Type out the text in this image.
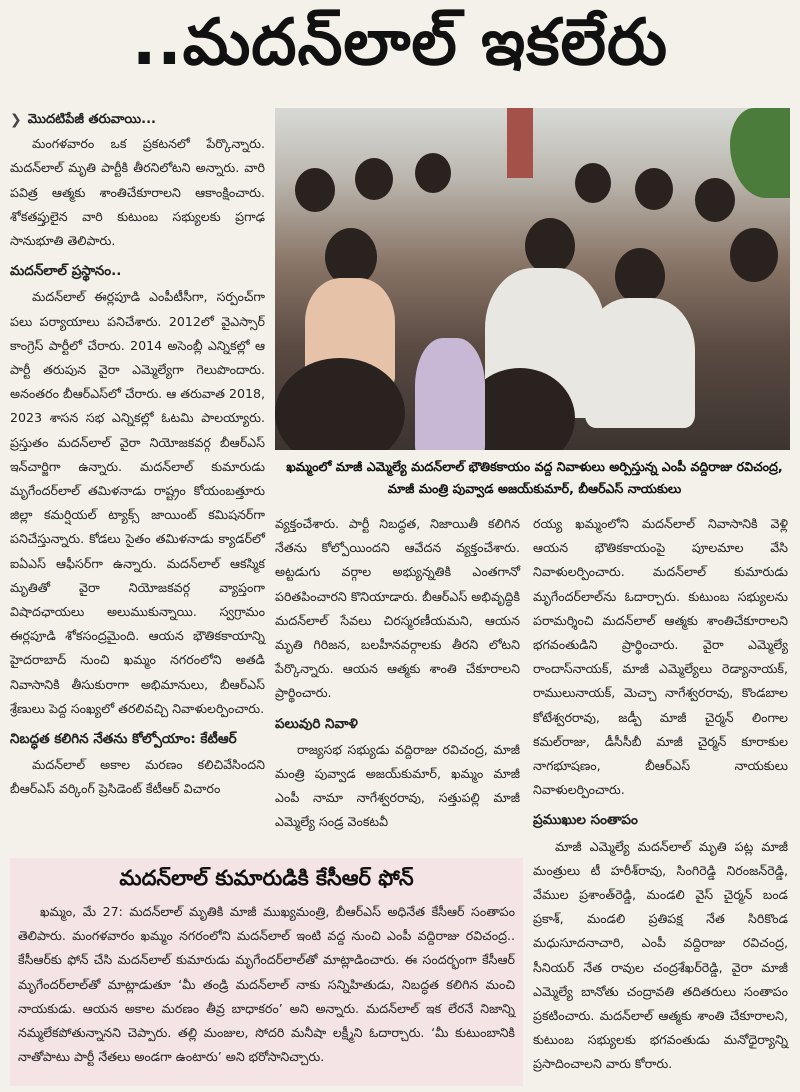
..మదన్‌లాల్ ఇకలేరు
❯ మొదటిపేజీ తరువాయి...

మంగళవారం ఒక ప్రకటనలో పేర్కొన్నారు. మదన్‌లాల్ మృతి పార్టీకి తీరనిలోటని అన్నారు. వారి పవిత్ర ఆత్మకు శాంతిచేకూరాలని ఆకాంక్షించారు. శోకతప్తులైన వారి కుటుంబ సభ్యులకు ప్రగాఢ సానుభూతి తెలిపారు.

మదన్‌లాల్ ప్రస్థానం..

మదన్‌లాల్ ఈర్లపూడి ఎంపీటీసీగా, సర్పంచ్‌గా పలు పర్యాయాలు పనిచేశారు. 2012లో వైఎస్సార్ కాంగ్రెస్ పార్టీలో చేరారు. 2014 అసెంబ్లీ ఎన్నికల్లో ఆ పార్టీ తరుపున వైరా ఎమ్మెల్యేగా గెలుపొందారు. అనంతరం బీఆర్ఎస్‌లో చేరారు. ఆ తరువాత 2018, 2023 శాసన సభ ఎన్నికల్లో ఓటమి పాలయ్యారు. ప్రస్తుతం మదన్‌లాల్ వైరా నియోజకవర్గ బీఆర్ఎస్ ఇన్‌చార్జిగా ఉన్నారు. మదన్‌లాల్ కుమారుడు మృగేందర్‌లాల్ తమిళనాడు రాష్ట్రం కోయంబత్తూరు జిల్లా కమర్షియల్ ట్యాక్స్ జాయింట్ కమిషనర్‌గా పనిచేస్తున్నారు. కోడలు సైతం తమిళనాడు క్యాడర్‌లో ఐఏఎస్ ఆఫీసర్‌గా ఉన్నారు. మదన్‌లాల్ ఆకస్మిక మృతితో వైరా నియోజకవర్గ వ్యాప్తంగా విషాదఛాయలు అలుముకున్నాయి. స్వగ్రామం ఈర్లపూడి శోకసంద్రమైంది. ఆయన భౌతికకాయాన్ని హైదరాబాద్ నుంచి ఖమ్మం నగరంలోని అతడి నివాసానికి తీసుకురాగా అభిమానులు, బీఆర్ఎస్ శ్రేణులు పెద్ద సంఖ్యలో తరలివచ్చి నివాళులర్పించారు.

నిబద్ధత కలిగిన నేతను కోల్పోయాం: కేటీఆర్

మదన్‌లాల్ అకాల మరణం కలిచివేసిందని బీఆర్ఎస్ వర్కింగ్ ప్రెసిడెంట్ కేటీఆర్ విచారం

ఖమ్మంలో మాజీ ఎమ్మెల్యే మదన్‌లాల్ భౌతికకాయం వద్ద నివాళులు అర్పిస్తున్న ఎంపీ వద్దిరాజు రవిచంద్ర, మాజీ మంత్రి పువ్వాడ అజయ్‌కుమార్, బీఆర్ఎస్ నాయకులు

వ్యక్తంచేశారు. పార్టీ నిబద్ధత, నిజాయితీ కలిగిన నేతను కోల్పోయిందని ఆవేదన వ్యక్తంచేశారు. అట్టడుగు వర్గాల అభ్యున్నతికి ఎంతగానో పరితపించారని కొనియాడారు. బీఆర్ఎస్ అభివృద్ధికి మదన్‌లాల్ సేవలు చిరస్మరణీయమని, ఆయన మృతి గిరిజన, బలహీనవర్గాలకు తీరని లోటని పేర్కొన్నారు. ఆయన ఆత్మకు శాంతి చేకూరాలని ప్రార్థించారు.

పలువురి నివాళి

రాజ్యసభ సభ్యుడు వద్దిరాజు రవిచంద్ర, మాజీ మంత్రి పువ్వాడ అజయ్‌కుమార్, ఖమ్మం మాజీ ఎంపీ నామా నాగేశ్వరరావు, సత్తుపల్లి మాజీ ఎమ్మెల్యే సండ్ర వెంకటవీ

రయ్య ఖమ్మంలోని మదన్‌లాల్ నివాసానికి వెళ్లి ఆయన భౌతికకాయంపై పూలమాల వేసి నివాళులర్పించారు. మదన్‌లాల్ కుమారుడు మృగేందర్‌లాల్‌ను ఓదార్చారు. కుటుంబ సభ్యులను పరామర్శించి మదన్‌లాల్ ఆత్మకు శాంతిచేకూరాలని భగవంతుడిని ప్రార్థించారు. వైరా ఎమ్మెల్యే రాందాస్‌నాయక్, మాజీ ఎమ్మెల్యేలు రెడ్యానాయక్, రాములునాయక్, మెచ్చా నాగేశ్వరరావు, కొండబాల కోటేశ్వరరావు, జడ్పీ మాజీ చైర్మన్ లింగాల కమల్‌రాజు, డీసీసీబీ మాజీ చైర్మన్ కూరాకుల నాగభూషణం, బీఆర్ఎస్ నాయకులు నివాళులర్పించారు.

ప్రముఖుల సంతాపం

మాజీ ఎమ్మెల్యే మదన్‌లాల్ మృతి పట్ల మాజీ మంత్రులు టీ హరీశ్‌రావు, సింగిరెడ్డి నిరంజన్‌రెడ్డి, వేముల ప్రశాంత్‌రెడ్డి, మండలి వైస్ చైర్మన్ బండ ప్రకాశ్, మండలి ప్రతిపక్ష నేత సిరికొండ మధుసూదనాచారి, ఎంపీ వద్దిరాజు రవిచంద్ర, సీనియర్ నేత రావుల చంద్రశేఖర్‌రెడ్డి, వైరా మాజీ ఎమ్మెల్యే బానోతు చంద్రావతి తదితరులు సంతాపం ప్రకటించారు. మదన్‌లాల్ ఆత్మకు శాంతి చేకూరాలని, కుటుంబ సభ్యులకు భగవంతుడు మనోధైర్యాన్ని ప్రసాదించాలని వారు కోరారు.

మదన్‌లాల్ కుమారుడికి కేసీఆర్ ఫోన్
ఖమ్మం, మే 27: మదన్‌లాల్ మృతికి మాజీ ముఖ్యమంత్రి, బీఆర్ఎస్ అధినేత కేసీఆర్ సంతాపం తెలిపారు. మంగళవారం ఖమ్మం నగరంలోని మదన్‌లాల్ ఇంటి వద్ద నుంచి ఎంపీ వద్దిరాజు రవిచంద్ర.. కేసీఆర్‌కు ఫోన్ చేసి మదన్‌లాల్ కుమారుడు మృగేందర్‌లాల్‌తో మాట్లాడించారు. ఈ సందర్భంగా కేసీఆర్ మృగేందర్‌లాల్‌తో మాట్లాడుతూ ‘మీ తండ్రి మదన్‌లాల్ నాకు సన్నిహితుడు, నిబద్ధత కలిగిన మంచి నాయకుడు. ఆయన అకాల మరణం తీవ్ర బాధాకరం’ అని అన్నారు. మదన్‌లాల్ ఇక లేరనే నిజాన్ని నమ్మలేకపోతున్నానని చెప్పారు. తల్లి మంజుల, సోదరి మనీషా లక్ష్మీని ఓదార్చారు. ‘మీ కుటుంబానికి నాతోపాటు పార్టీ నేతలు అండగా ఉంటారు’ అని భరోసానిచ్చారు.
